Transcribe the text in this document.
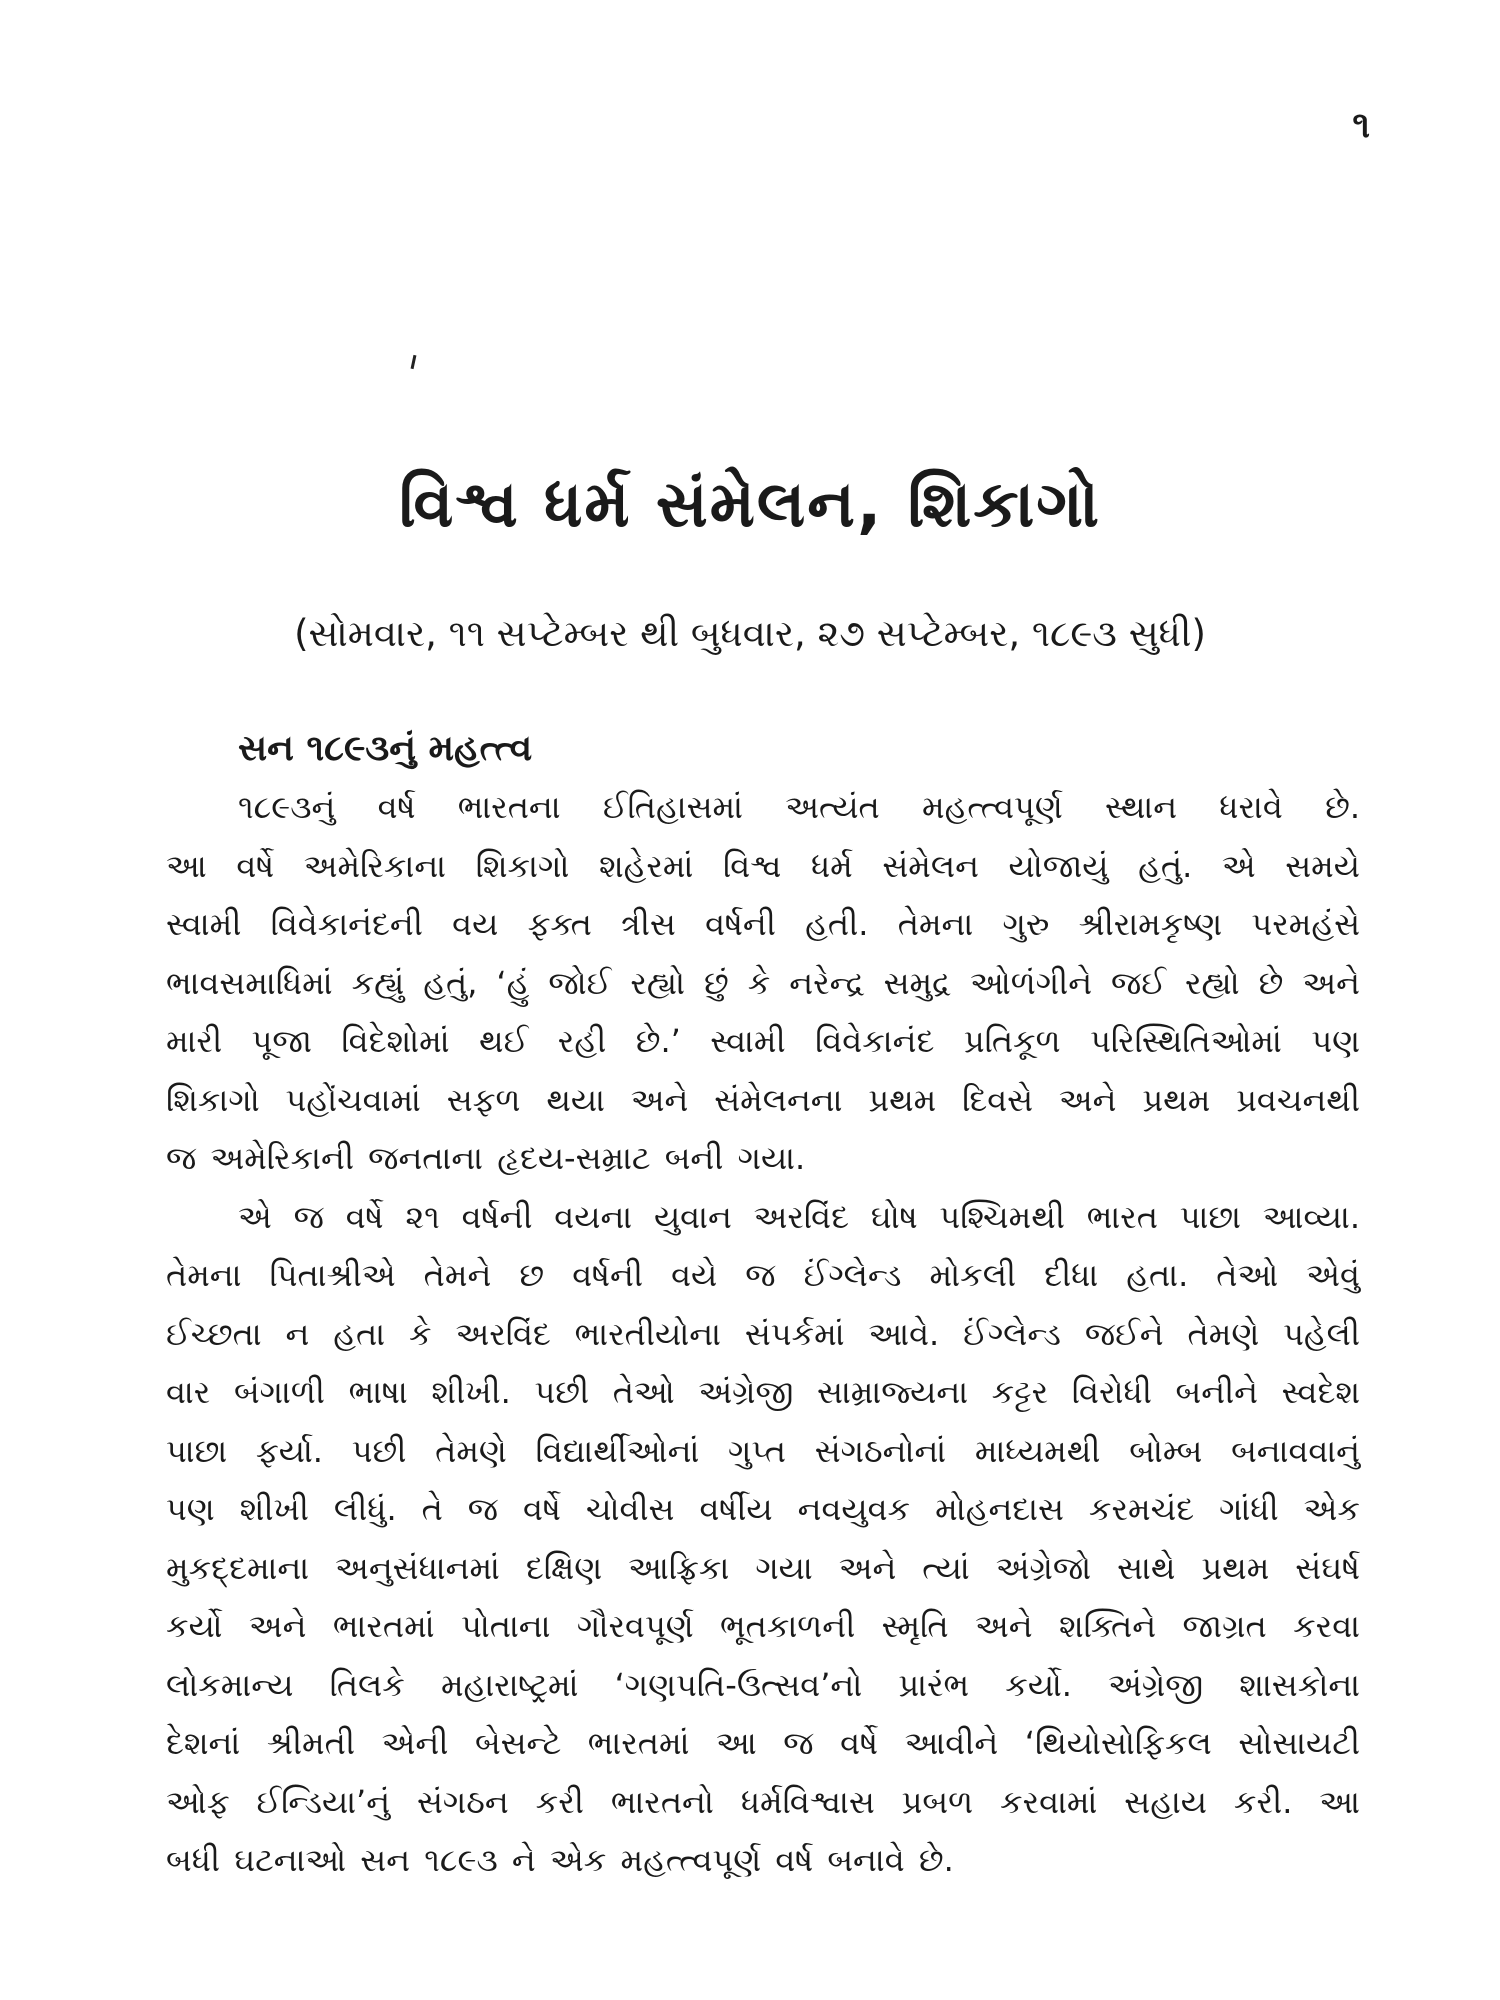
૧
વિશ્વ ધર્મ સંમેલન, શિકાગો
(સોમવાર, ૧૧ સપ્ટેમ્બર થી બુધવાર, ૨૭ સપ્ટેમ્બર, ૧૮૯૩ સુધી)
સન ૧૮૯૩નું મહત્ત્વ
૧૮૯૩નું વર્ષ ભારતના ઈતિહાસમાં અત્યંત મહત્ત્વપૂર્ણ સ્થાન ધરાવે છે.
આ વર્ષે અમેરિકાના શિકાગો શહેરમાં વિશ્વ ધર્મ સંમેલન યોજાયું હતું. એ સમયે
સ્વામી વિવેકાનંદની વય ફક્ત ત્રીસ વર્ષની હતી. તેમના ગુરુ શ્રીરામકૃષ્ણ પરમહંસે
ભાવસમાધિમાં કહ્યું હતું, ‘હું જોઈ રહ્યો છું કે નરેન્દ્ર સમુદ્ર ઓળંગીને જઈ રહ્યો છે અને
મારી પૂજા વિદેશોમાં થઈ રહી છે.’ સ્વામી વિવેકાનંદ પ્રતિકૂળ પરિસ્થિતિઓમાં પણ
શિકાગો પહોંચવામાં સફળ થયા અને સંમેલનના પ્રથમ દિવસે અને પ્રથમ પ્રવચનથી
જ અમેરિકાની જનતાના હૃદય-સમ્રાટ બની ગયા.
એ જ વર્ષે ૨૧ વર્ષની વયના યુવાન અરવિંદ ઘોષ પશ્ચિમથી ભારત પાછા આવ્યા.
તેમના પિતાશ્રીએ તેમને છ વર્ષની વયે જ ઈંગ્લેન્ડ મોકલી દીધા હતા. તેઓ એવું
ઈચ્છતા ન હતા કે અરવિંદ ભારતીયોના સંપર્કમાં આવે. ઈંગ્લેન્ડ જઈને તેમણે પહેલી
વાર બંગાળી ભાષા શીખી. પછી તેઓ અંગ્રેજી સામ્રાજ્યના કટ્ટર વિરોધી બનીને સ્વદેશ
પાછા ફર્યા. પછી તેમણે વિદ્યાર્થીઓનાં ગુપ્ત સંગઠનોનાં માધ્યમથી બોમ્બ બનાવવાનું
પણ શીખી લીધું. તે જ વર્ષે ચોવીસ વર્ષીય નવયુવક મોહનદાસ કરમચંદ ગાંધી એક
મુકદ્દમાના અનુસંધાનમાં દક્ષિણ આફ્રિકા ગયા અને ત્યાં અંગ્રેજો સાથે પ્રથમ સંઘર્ષ
કર્યો અને ભારતમાં પોતાના ગૌરવપૂર્ણ ભૂતકાળની સ્મૃતિ અને શક્તિને જાગ્રત કરવા
લોકમાન્ય તિલકે મહારાષ્ટ્રમાં ‘ગણપતિ-ઉત્સવ’નો પ્રારંભ કર્યો. અંગ્રેજી શાસકોના
દેશનાં શ્રીમતી એની બેસન્ટે ભારતમાં આ જ વર્ષે આવીને ‘થિયોસોફિકલ સોસાયટી
ઓફ ઈન્ડિયા’નું સંગઠન કરી ભારતનો ધર્મવિશ્વાસ પ્રબળ કરવામાં સહાય કરી. આ
બધી ઘટનાઓ સન ૧૮૯૩ ને એક મહત્ત્વપૂર્ણ વર્ષ બનાવે છે.
